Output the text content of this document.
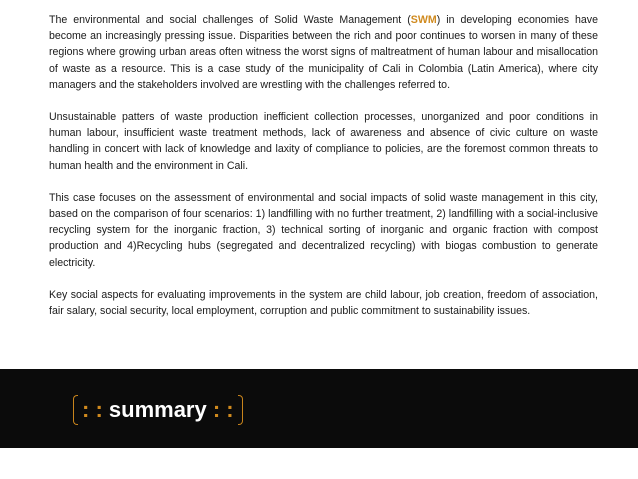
The environmental and social challenges of Solid Waste Management (SWM) in developing economies have become an increasingly pressing issue. Disparities between the rich and poor continues to worsen in many of these regions where growing urban areas often witness the worst signs of maltreatment of human labour and misallocation of waste as a resource. This is a case study of the municipality of Cali in Colombia (Latin America), where city managers and the stakeholders involved are wrestling with the challenges referred to.

Unsustainable patters of waste production inefficient collection processes, unorganized and poor conditions in human labour, insufficient waste treatment methods, lack of awareness and absence of civic culture on waste handling in concert with lack of knowledge and laxity of compliance to policies, are the foremost common threats to human health and the environment in Cali.

This case focuses on the assessment of environmental and social impacts of solid waste management in this city, based on the comparison of four scenarios: 1) landfilling with no further treatment, 2) landfilling with a social-inclusive recycling system for the inorganic fraction, 3) technical sorting of inorganic and organic fraction with compost production and 4)Recycling hubs (segregated and decentralized recycling) with biogas combustion to generate electricity.

Key social aspects for evaluating improvements in the system are child labour, job creation, freedom of association, fair salary, social security, local employment, corruption and public commitment to sustainability issues.

: : summary : :
